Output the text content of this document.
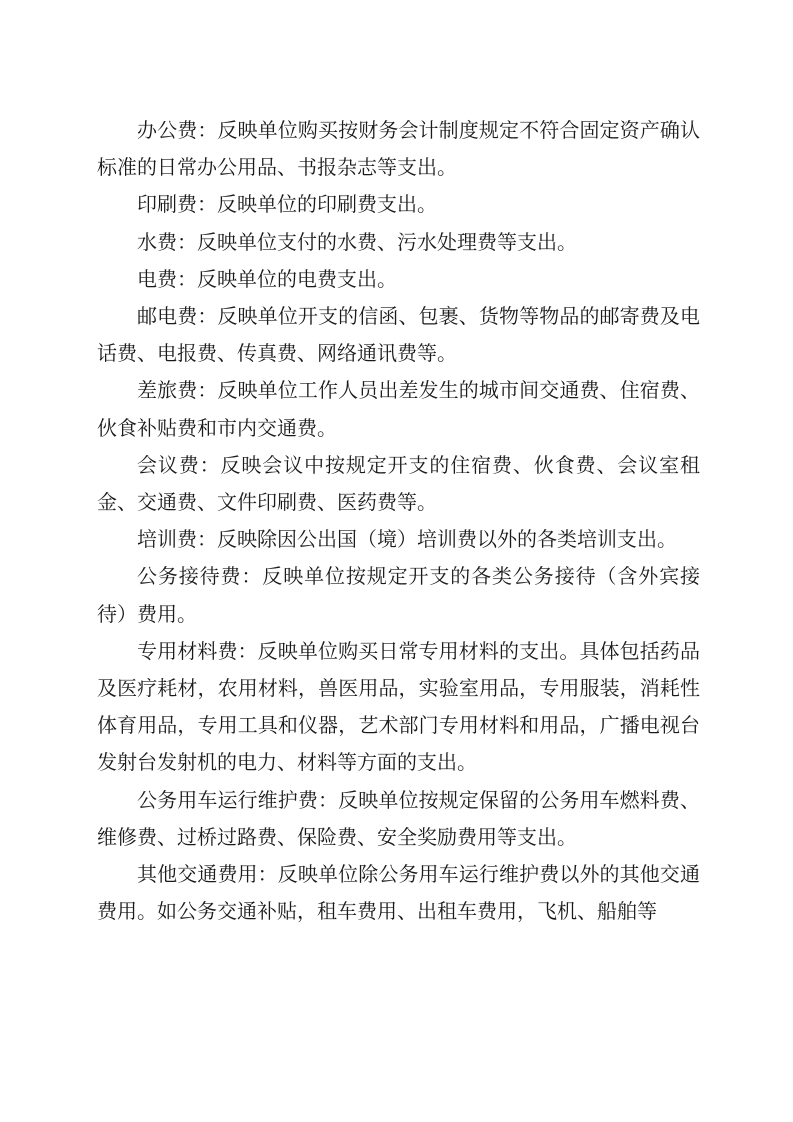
办公费：反映单位购买按财务会计制度规定不符合固定资产确认标准的日常办公用品、书报杂志等支出。

印刷费：反映单位的印刷费支出。

水费：反映单位支付的水费、污水处理费等支出。

电费：反映单位的电费支出。

邮电费：反映单位开支的信函、包裹、货物等物品的邮寄费及电话费、电报费、传真费、网络通讯费等。

差旅费：反映单位工作人员出差发生的城市间交通费、住宿费、伙食补贴费和市内交通费。

会议费：反映会议中按规定开支的住宿费、伙食费、会议室租金、交通费、文件印刷费、医药费等。

培训费：反映除因公出国（境）培训费以外的各类培训支出。

公务接待费：反映单位按规定开支的各类公务接待（含外宾接待）费用。

专用材料费：反映单位购买日常专用材料的支出。具体包括药品及医疗耗材，农用材料，兽医用品，实验室用品，专用服装，消耗性体育用品，专用工具和仪器，艺术部门专用材料和用品，广播电视台发射台发射机的电力、材料等方面的支出。

公务用车运行维护费：反映单位按规定保留的公务用车燃料费、维修费、过桥过路费、保险费、安全奖励费用等支出。

其他交通费用：反映单位除公务用车运行维护费以外的其他交通费用。如公务交通补贴，租车费用、出租车费用，飞机、船舶等
